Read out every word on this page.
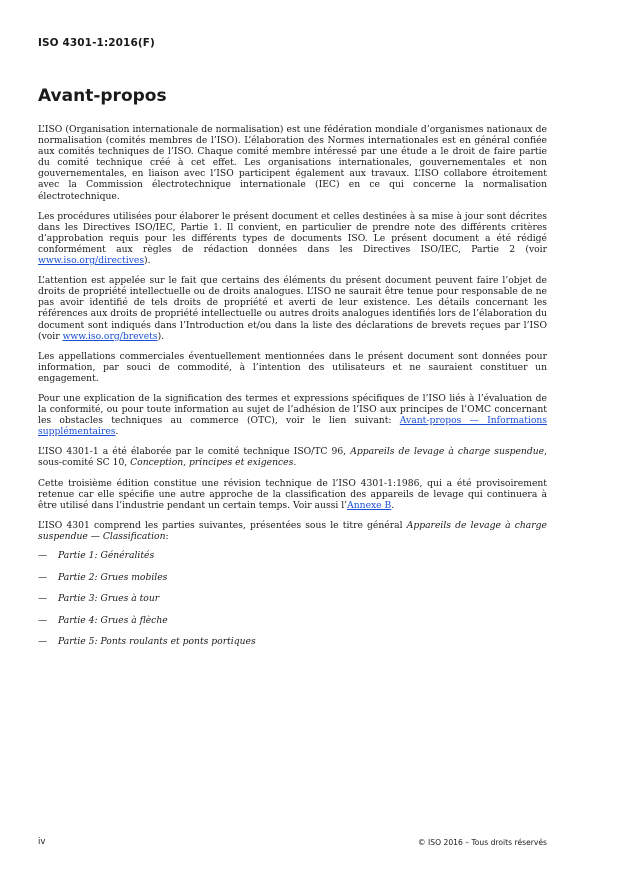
ISO 4301-1:2016(F)
Avant-propos

L’ISO (Organisation internationale de normalisation) est une fédération mondiale d’organismes nationaux de normalisation (comités membres de l’ISO). L’élaboration des Normes internationales est en général confiée aux comités techniques de l’ISO. Chaque comité membre intéressé par une étude a le droit de faire partie du comité technique créé à cet effet. Les organisations internationales, gouvernementales et non gouvernementales, en liaison avec l’ISO participent également aux travaux. L’ISO collabore étroitement avec la Commission électrotechnique internationale (IEC) en ce qui concerne la normalisation électrotechnique.

Les procédures utilisées pour élaborer le présent document et celles destinées à sa mise à jour sont décrites dans les Directives ISO/IEC, Partie 1. Il convient, en particulier de prendre note des différents critères d’approbation requis pour les différents types de documents ISO. Le présent document a été rédigé conformément aux règles de rédaction données dans les Directives ISO/IEC, Partie 2 (voir www.iso.org/directives).

L’attention est appelée sur le fait que certains des éléments du présent document peuvent faire l’objet de droits de propriété intellectuelle ou de droits analogues. L’ISO ne saurait être tenue pour responsable de ne pas avoir identifié de tels droits de propriété et averti de leur existence. Les détails concernant les références aux droits de propriété intellectuelle ou autres droits analogues identifiés lors de l’élaboration du document sont indiqués dans l’Introduction et/ou dans la liste des déclarations de brevets reçues par l’ISO (voir www.iso.org/brevets).

Les appellations commerciales éventuellement mentionnées dans le présent document sont données pour information, par souci de commodité, à l’intention des utilisateurs et ne sauraient constituer un engagement.

Pour une explication de la signification des termes et expressions spécifiques de l’ISO liés à l’évaluation de la conformité, ou pour toute information au sujet de l’adhésion de l’ISO aux principes de l’OMC concernant les obstacles techniques au commerce (OTC), voir le lien suivant: Avant-propos — Informations supplémentaires.

L’ISO 4301-1 a été élaborée par le comité technique ISO/TC 96, Appareils de levage à charge suspendue, sous-comité SC 10, Conception, principes et exigences.

Cette troisième édition constitue une révision technique de l’ISO 4301-1:1986, qui a été provisoirement retenue car elle spécifie une autre approche de la classification des appareils de levage qui continuera à être utilisé dans l’industrie pendant un certain temps. Voir aussi l’Annexe B.

L’ISO 4301 comprend les parties suivantes, présentées sous le titre général Appareils de levage à charge suspendue — Classification:

—	Partie 1: Généralités
—	Partie 2: Grues mobiles
—	Partie 3: Grues à tour
—	Partie 4: Grues à flèche
—	Partie 5: Ponts roulants et ponts portiques
iv	© ISO 2016 – Tous droits réservés
